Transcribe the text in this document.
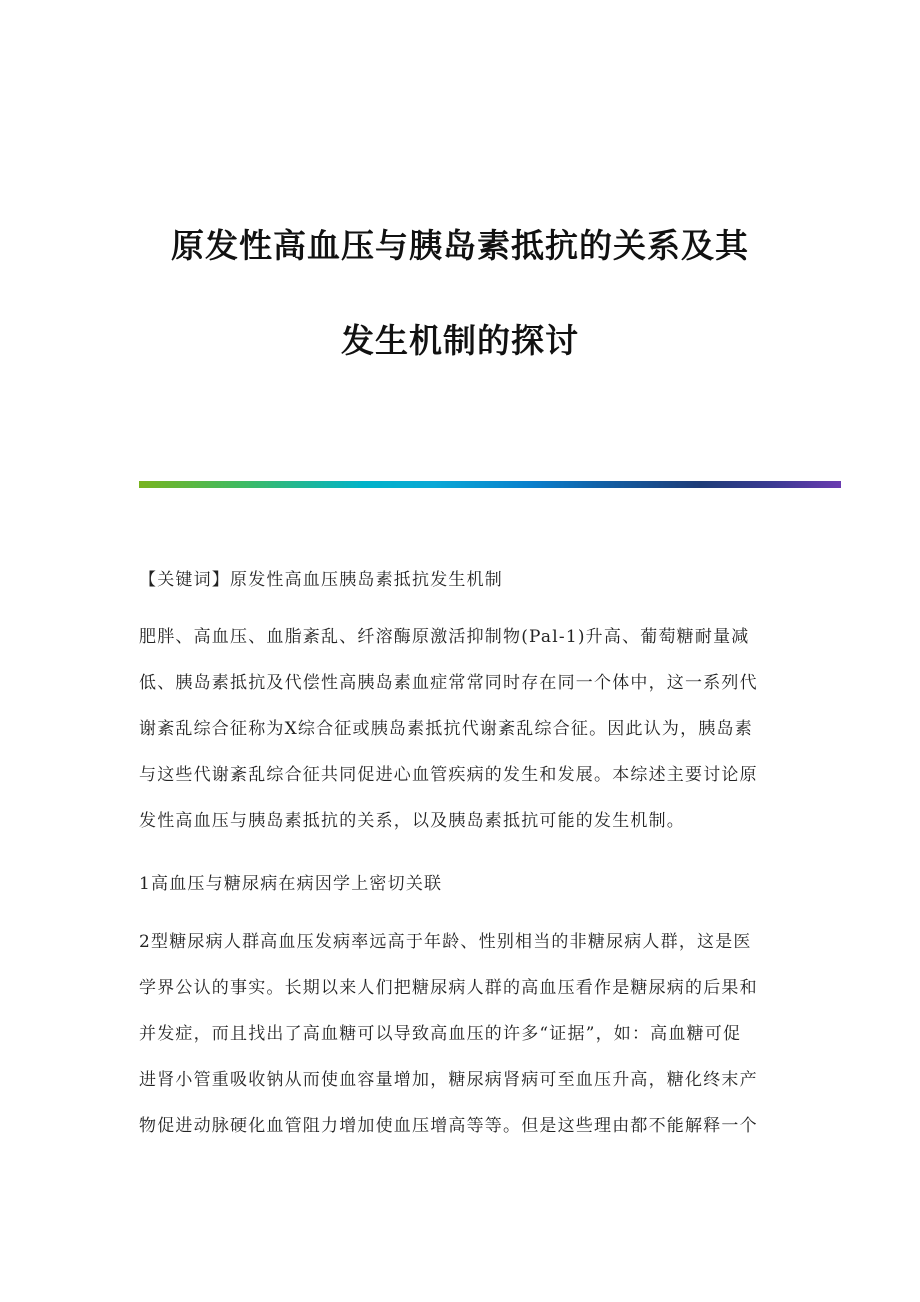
原发性高血压与胰岛素抵抗的关系及其
发生机制的探讨
【关键词】原发性高血压胰岛素抵抗发生机制
肥胖、高血压、血脂紊乱、纤溶酶原激活抑制物(Pal-1)升高、葡萄糖耐量减
低、胰岛素抵抗及代偿性高胰岛素血症常常同时存在同一个体中，这一系列代
谢紊乱综合征称为X综合征或胰岛素抵抗代谢紊乱综合征。因此认为，胰岛素
与这些代谢紊乱综合征共同促进心血管疾病的发生和发展。本综述主要讨论原
发性高血压与胰岛素抵抗的关系，以及胰岛素抵抗可能的发生机制。
1高血压与糖尿病在病因学上密切关联
2型糖尿病人群高血压发病率远高于年龄、性别相当的非糖尿病人群，这是医
学界公认的事实。长期以来人们把糖尿病人群的高血压看作是糖尿病的后果和
并发症，而且找出了高血糖可以导致高血压的许多“证据”，如：高血糖可促
进肾小管重吸收钠从而使血容量增加，糖尿病肾病可至血压升高，糖化终末产
物促进动脉硬化血管阻力增加使血压增高等等。但是这些理由都不能解释一个
